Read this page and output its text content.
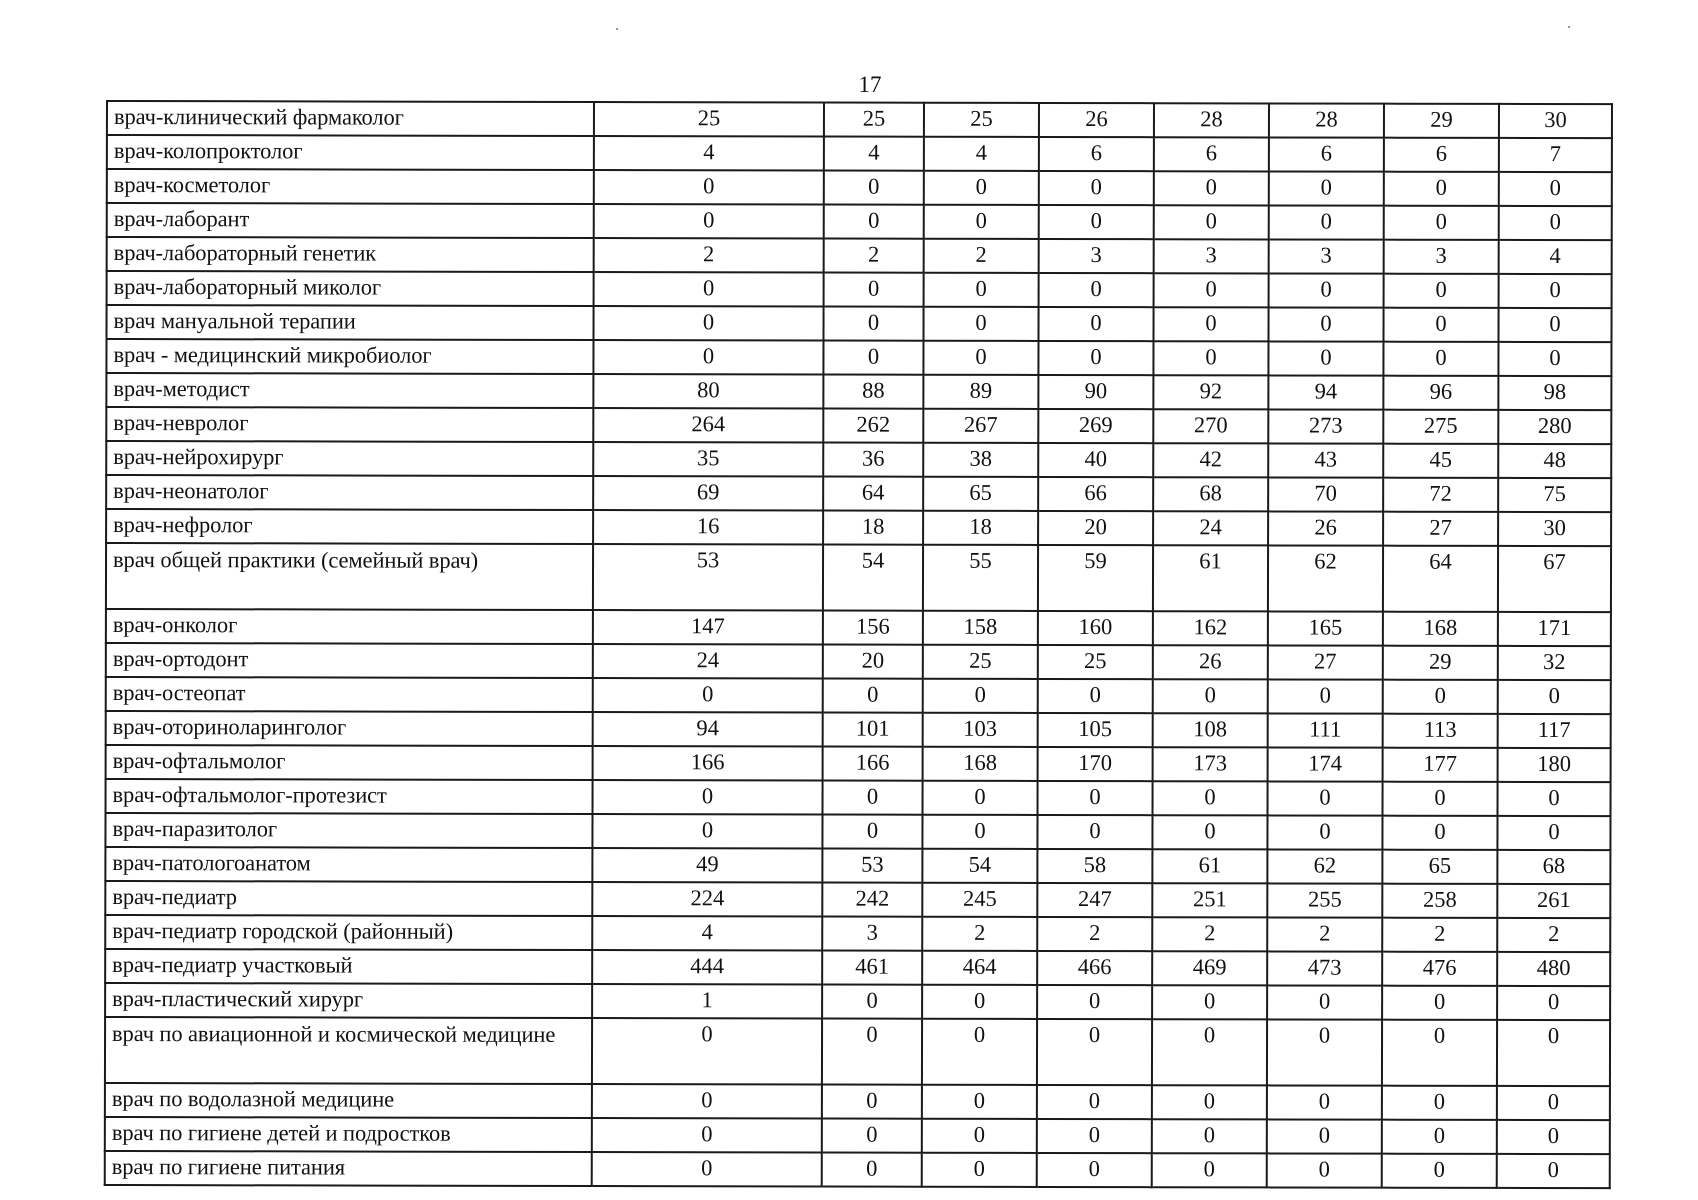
17
врач-клинический фармаколог	25	25	25	26	28	28	29	30
врач-колопроктолог	4	4	4	6	6	6	6	7
врач-косметолог	0	0	0	0	0	0	0	0
врач-лаборант	0	0	0	0	0	0	0	0
врач-лабораторный генетик	2	2	2	3	3	3	3	4
врач-лабораторный миколог	0	0	0	0	0	0	0	0
врач мануальной терапии	0	0	0	0	0	0	0	0
врач - медицинский микробиолог	0	0	0	0	0	0	0	0
врач-методист	80	88	89	90	92	94	96	98
врач-невролог	264	262	267	269	270	273	275	280
врач-нейрохирург	35	36	38	40	42	43	45	48
врач-неонатолог	69	64	65	66	68	70	72	75
врач-нефролог	16	18	18	20	24	26	27	30
врач общей практики (семейный врач)	53	54	55	59	61	62	64	67
врач-онколог	147	156	158	160	162	165	168	171
врач-ортодонт	24	20	25	25	26	27	29	32
врач-остеопат	0	0	0	0	0	0	0	0
врач-оториноларинголог	94	101	103	105	108	111	113	117
врач-офтальмолог	166	166	168	170	173	174	177	180
врач-офтальмолог-протезист	0	0	0	0	0	0	0	0
врач-паразитолог	0	0	0	0	0	0	0	0
врач-патологоанатом	49	53	54	58	61	62	65	68
врач-педиатр	224	242	245	247	251	255	258	261
врач-педиатр городской (районный)	4	3	2	2	2	2	2	2
врач-педиатр участковый	444	461	464	466	469	473	476	480
врач-пластический хирург	1	0	0	0	0	0	0	0
врач по авиационной и космической медицине	0	0	0	0	0	0	0	0
врач по водолазной медицине	0	0	0	0	0	0	0	0
врач по гигиене детей и подростков	0	0	0	0	0	0	0	0
врач по гигиене питания	0	0	0	0	0	0	0	0
